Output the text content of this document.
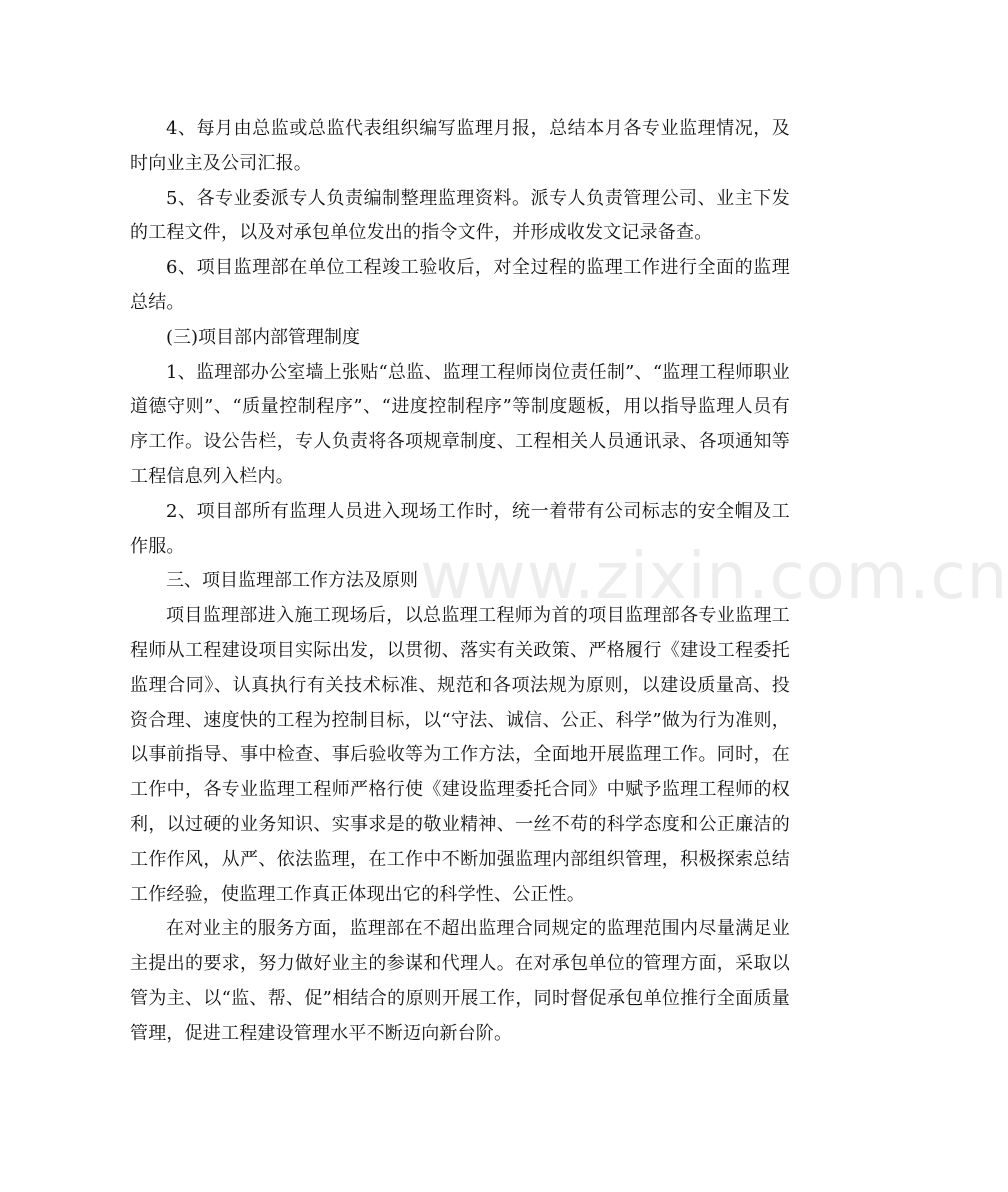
4、每月由总监或总监代表组织编写监理月报，总结本月各专业监理情况，及时向业主及公司汇报。

5、各专业委派专人负责编制整理监理资料。派专人负责管理公司、业主下发的工程文件，以及对承包单位发出的指令文件，并形成收发文记录备查。

6、项目监理部在单位工程竣工验收后，对全过程的监理工作进行全面的监理总结。

(三)项目部内部管理制度

1、监理部办公室墙上张贴“总监、监理工程师岗位责任制”、“监理工程师职业道德守则”、“质量控制程序”、“进度控制程序”等制度题板，用以指导监理人员有序工作。设公告栏，专人负责将各项规章制度、工程相关人员通讯录、各项通知等工程信息列入栏内。

2、项目部所有监理人员进入现场工作时，统一着带有公司标志的安全帽及工作服。

三、项目监理部工作方法及原则

项目监理部进入施工现场后，以总监理工程师为首的项目监理部各专业监理工程师从工程建设项目实际出发，以贯彻、落实有关政策、严格履行《建设工程委托监理合同》、认真执行有关技术标准、规范和各项法规为原则，以建设质量高、投资合理、速度快的工程为控制目标，以“守法、诚信、公正、科学”做为行为准则，以事前指导、事中检查、事后验收等为工作方法，全面地开展监理工作。同时，在工作中，各专业监理工程师严格行使《建设监理委托合同》中赋予监理工程师的权利，以过硬的业务知识、实事求是的敬业精神、一丝不苟的科学态度和公正廉洁的工作作风，从严、依法监理，在工作中不断加强监理内部组织管理，积极探索总结工作经验，使监理工作真正体现出它的科学性、公正性。

在对业主的服务方面，监理部在不超出监理合同规定的监理范围内尽量满足业主提出的要求，努力做好业主的参谋和代理人。在对承包单位的管理方面，采取以管为主、以“监、帮、促”相结合的原则开展工作，同时督促承包单位推行全面质量管理，促进工程建设管理水平不断迈向新台阶。

www.zixin.com.cn
